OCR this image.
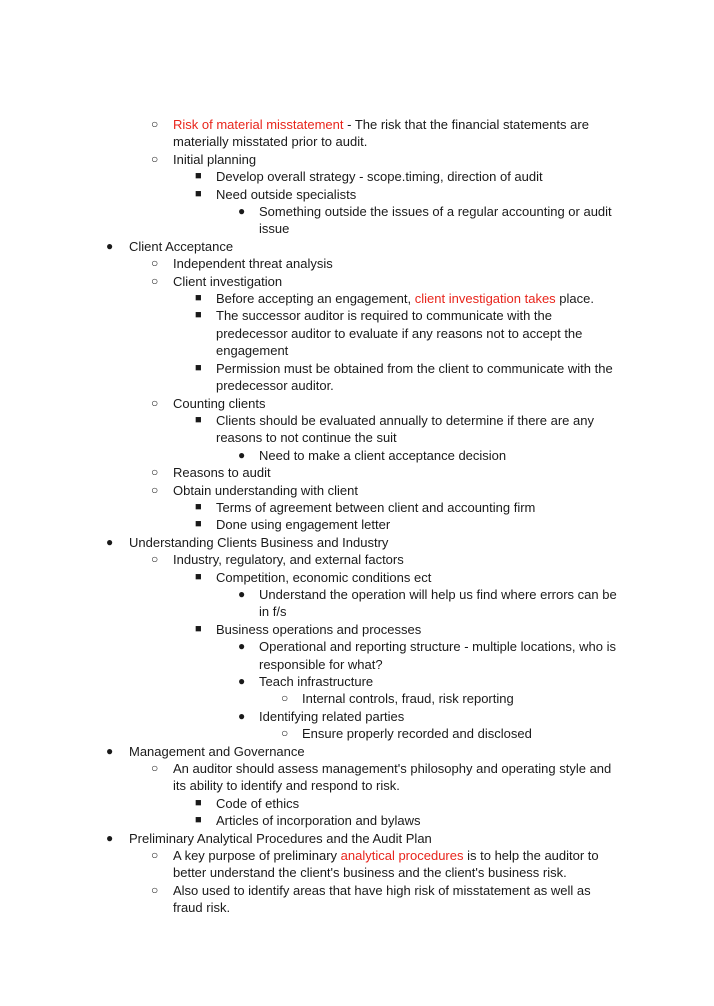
○ Risk of material misstatement - The risk that the financial statements are materially misstated prior to audit.
○ Initial planning
■ Develop overall strategy - scope.timing, direction of audit
■ Need outside specialists
● Something outside the issues of a regular accounting or audit issue
● Client Acceptance
○ Independent threat analysis
○ Client investigation
■ Before accepting an engagement, client investigation takes place.
■ The successor auditor is required to communicate with the predecessor auditor to evaluate if any reasons not to accept the engagement
■ Permission must be obtained from the client to communicate with the predecessor auditor.
○ Counting clients
■ Clients should be evaluated annually to determine if there are any reasons to not continue the suit
● Need to make a client acceptance decision
○ Reasons to audit
○ Obtain understanding with client
■ Terms of agreement between client and accounting firm
■ Done using engagement letter
● Understanding Clients Business and Industry
○ Industry, regulatory, and external factors
■ Competition, economic conditions ect
● Understand the operation will help us find where errors can be in f/s
■ Business operations and processes
● Operational and reporting structure - multiple locations, who is responsible for what?
● Teach infrastructure
○ Internal controls, fraud, risk reporting
● Identifying related parties
○ Ensure properly recorded and disclosed
● Management and Governance
○ An auditor should assess management's philosophy and operating style and its ability to identify and respond to risk.
■ Code of ethics
■ Articles of incorporation and bylaws
● Preliminary Analytical Procedures and the Audit Plan
○ A key purpose of preliminary analytical procedures is to help the auditor to better understand the client's business and the client's business risk.
○ Also used to identify areas that have high risk of misstatement as well as fraud risk.
